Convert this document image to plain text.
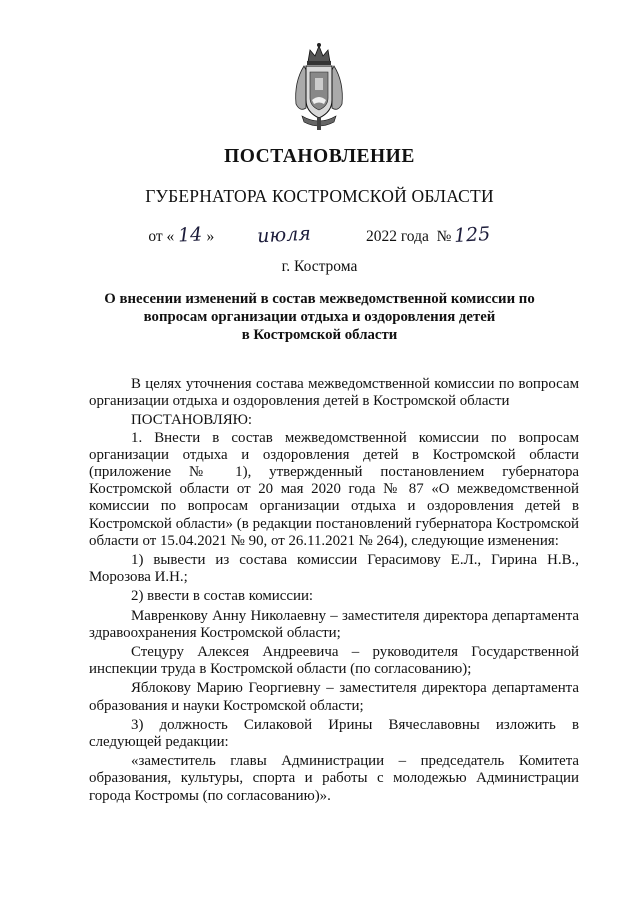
ПОСТАНОВЛЕНИЕ
ГУБЕРНАТОРА КОСТРОМСКОЙ ОБЛАСТИ
от « 14 » июля	2022 года № 125
г. Кострома
О внесении изменений в состав межведомственной комиссии по
вопросам организации отдыха и оздоровления детей
в Костромской области
В целях уточнения состава межведомственной комиссии по вопросам организации отдыха и оздоровления детей в Костромской области
ПОСТАНОВЛЯЮ:
1. Внести в состав межведомственной комиссии по вопросам организации отдыха и оздоровления детей в Костромской области (приложение № 1), утвержденный постановлением губернатора Костромской области от 20 мая 2020 года № 87 «О межведомственной комиссии по вопросам организации отдыха и оздоровления детей в Костромской области» (в редакции постановлений губернатора Костромской области от 15.04.2021 № 90, от 26.11.2021 № 264), следующие изменения:
1) вывести из состава комиссии Герасимову Е.Л., Гирина Н.В., Морозова И.Н.;
2) ввести в состав комиссии:
Мавренкову Анну Николаевну – заместителя директора департамента здравоохранения Костромской области;
Стецуру Алексея Андреевича – руководителя Государственной инспекции труда в Костромской области (по согласованию);
Яблокову Марию Георгиевну – заместителя директора департамента образования и науки Костромской области;
3) должность Силаковой Ирины Вячеславовны изложить в следующей редакции:
«заместитель главы Администрации – председатель Комитета образования, культуры, спорта и работы с молодежью Администрации города Костромы (по согласованию)».
